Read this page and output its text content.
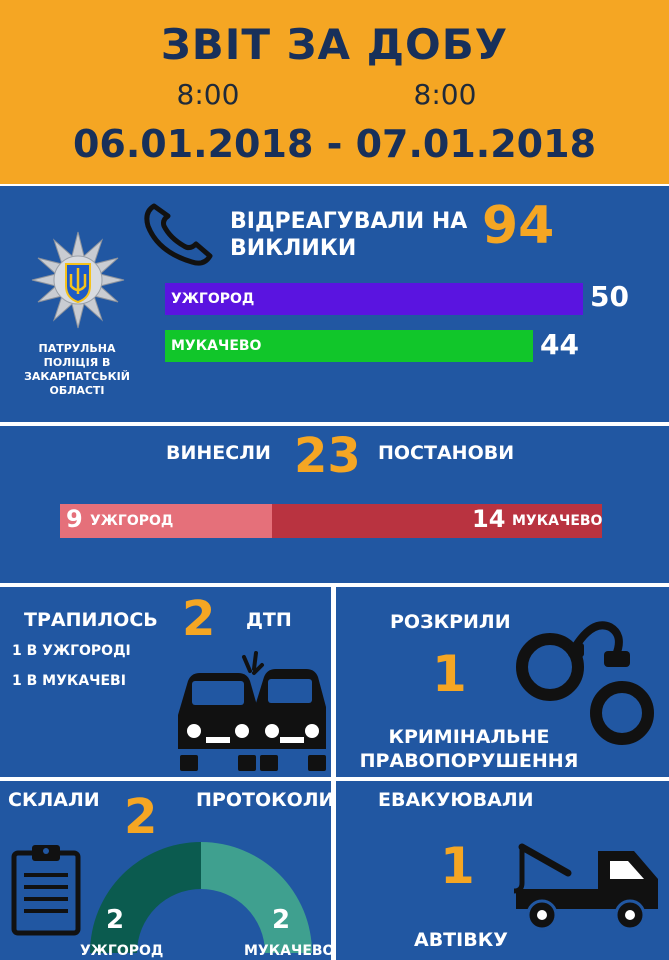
ЗВІТ ЗА ДОБУ
8:00	8:00
06.01.2018 - 07.01.2018
ПАТРУЛЬНА ПОЛІЦІЯ В ЗАКАРПАТСЬКІЙ ОБЛАСТІ
ВІДРЕАГУВАЛИ НА
ВИКЛИКИ	94
УЖГОРОД	50
МУКАЧЕВО	44
ВИНЕСЛИ 23 ПОСТАНОВИ
9 УЖГОРОД	14 МУКАЧЕВО
ТРАПИЛОСЬ 2 ДТП
1 В УЖГОРОДІ
1 В МУКАЧЕВІ
РОЗКРИЛИ
1
КРИМІНАЛЬНЕ
ПРАВОПОРУШЕННЯ
СКЛАЛИ 2 ПРОТОКОЛИ
2	2
УЖГОРОД	МУКАЧЕВО
ЕВАКУЮВАЛИ
1
АВТІВКУ
